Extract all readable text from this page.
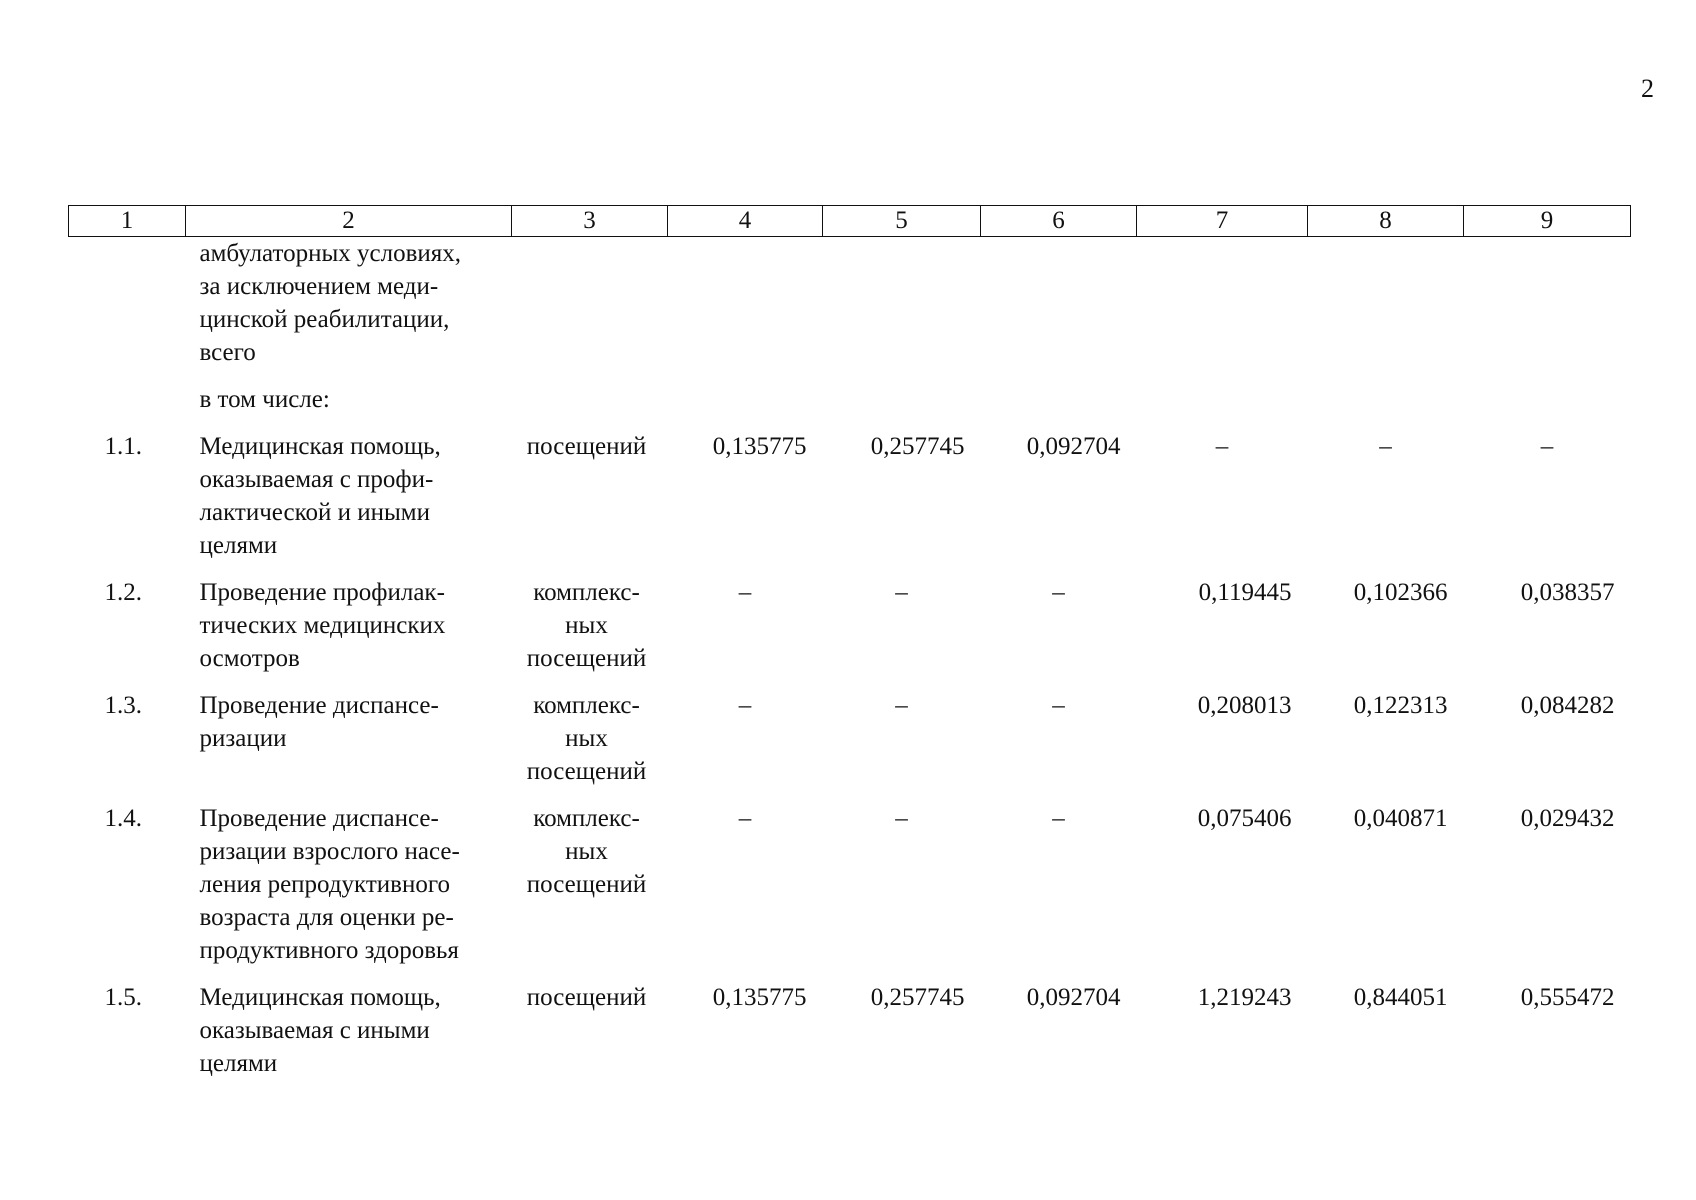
2
1	2	3	4	5	6	7	8	9

	амбулаторных условиях,
за исключением меди-
цинской реабилитации,
всего							

	в том числе:							
1.1.	Медицинская помощь,
оказываемая с профи-
лактической и иными
целями	посещений	0,135775	0,257745	0,092704	–	–	–
1.2.	Проведение профилак-
тических медицинских
осмотров	комплекс-
ных
посещений	–	–	–	0,119445	0,102366	0,038357
1.3.	Проведение диспансе-
ризации	комплекс-
ных
посещений	–	–	–	0,208013	0,122313	0,084282
1.4.	Проведение диспансе-
ризации взрослого насе-
ления репродуктивного
возраста для оценки ре-
продуктивного здоровья	комплекс-
ных
посещений	–	–	–	0,075406	0,040871	0,029432
1.5.	Медицинская помощь,
оказываемая с иными
целями	посещений	0,135775	0,257745	0,092704	1,219243	0,844051	0,555472
